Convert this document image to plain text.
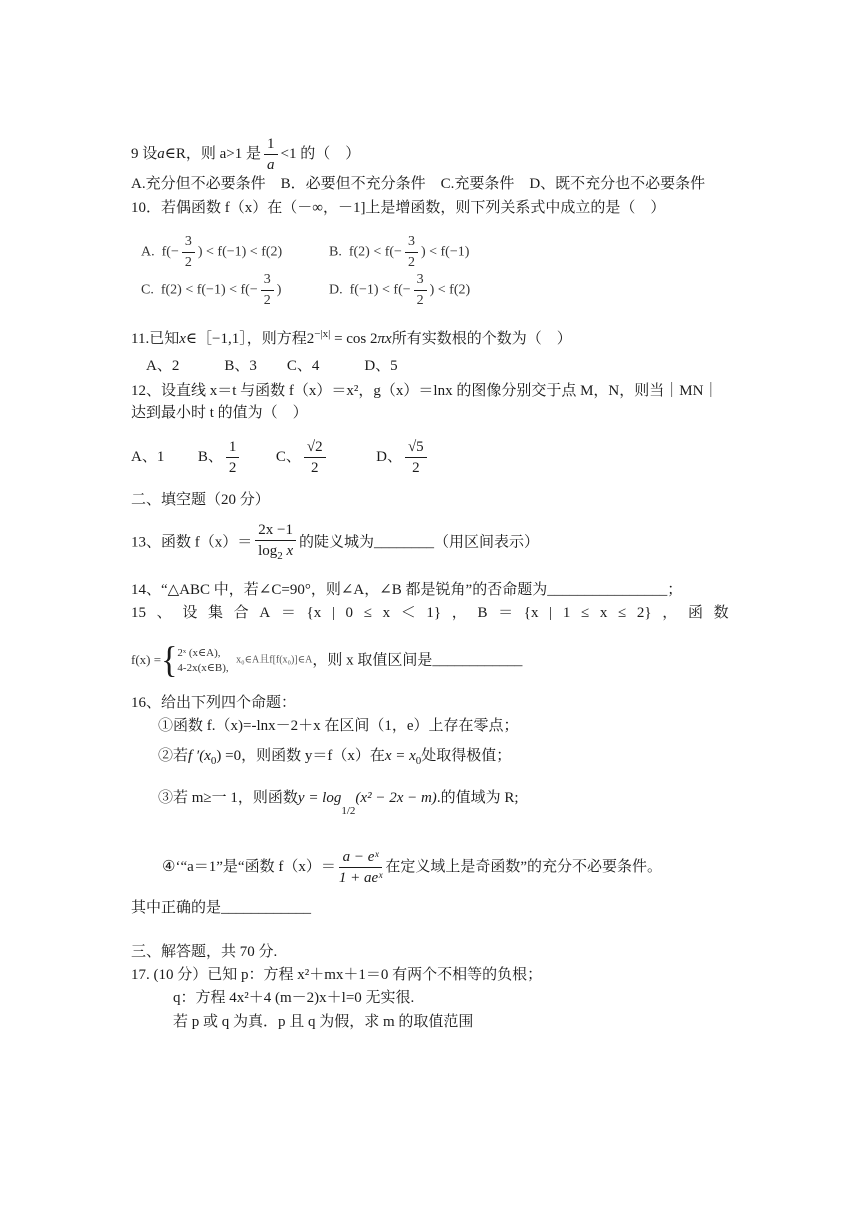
9 设a∈R，则 a>1 是 $\frac{1}{a} <1$ 的（　）
A.充分但不必要条件　B．必要但不充分条件　C.充要条件　D、既不充分也不必要条件
10．若偶函数 f（x）在（－∞，－1]上是增函数，则下列关系式中成立的是（　）
A. $f(- \frac{3}{2}$ ) < f(−1) < f(2)	B. $f(2) < f(- \frac{3}{2}$ ) < f(−1)
C. $f(2) < f(-1) < f(- \frac{3}{2}$ )	D. $f(-1) < f(- \frac{3}{2}$ ) < f(2)
11.已知x∈［−1,1］，则方程$2^{-|x|} = \cos 2\pi x$所有实数根的个数为（　）
A、2　　　B、3　　C、4　　　D、5
12、设直线 x＝t 与函数 f（x）＝x²，g（x）＝lnx 的图像分别交于点 M，N，则当｜MN｜
达到最小时 t 的值为（　）
A、1 B、 $\frac{1}{2}$ C、 $\frac{√2}{2}$	D、 $\frac{√5}{2}$
二、填空题（20 分）
13、函数 $f(x)= \frac{2x -1}{\log_2 x}$ 的陡义城为________（用区间表示）
14、“△ABC 中，若∠C=90°，则∠A，∠B 都是锐角”的否命题为________________；
15 、 设 集 合 A ＝ {x | 0 ≤ x ＜ 1} ， B ＝ {x | 1 ≤ x ≤ 2} ， 函 数
f(x) ={ 2ˣ (x∈A),
4-2x(x∈B),
x₀∈A且f[f(x₀)]∈A，则 x 取值区间是____________
16、给出下列四个命题：
①函数 f.（x)=-lnx－2＋x 在区间（1，e）上存在零点；
②若f $'(x_0) =0$，则函数 y＝f（x）在$x = x_0$处取得极值；
③若 m≥一 1，则函数$y = \log_{1/2}(x^2 - 2x - m)$.的值域为 R;
④‘“a＝1”是“函数 $f(x)= \frac{\text{a − eˣ}}{\text{1 + aeˣ}}$ 在定义域上是奇函数”的充分不必要条件。
其中正确的是____________
三、解答题，共 70 分.
17. (10 分）已知 p：方程 x²＋mx＋1＝0 有两个不相等的负根；
q：方程 4x²＋4 (m－2)x＋l=0 无实很.
若 p 或 q 为真．p 且 q 为假，求 m 的取值范围
